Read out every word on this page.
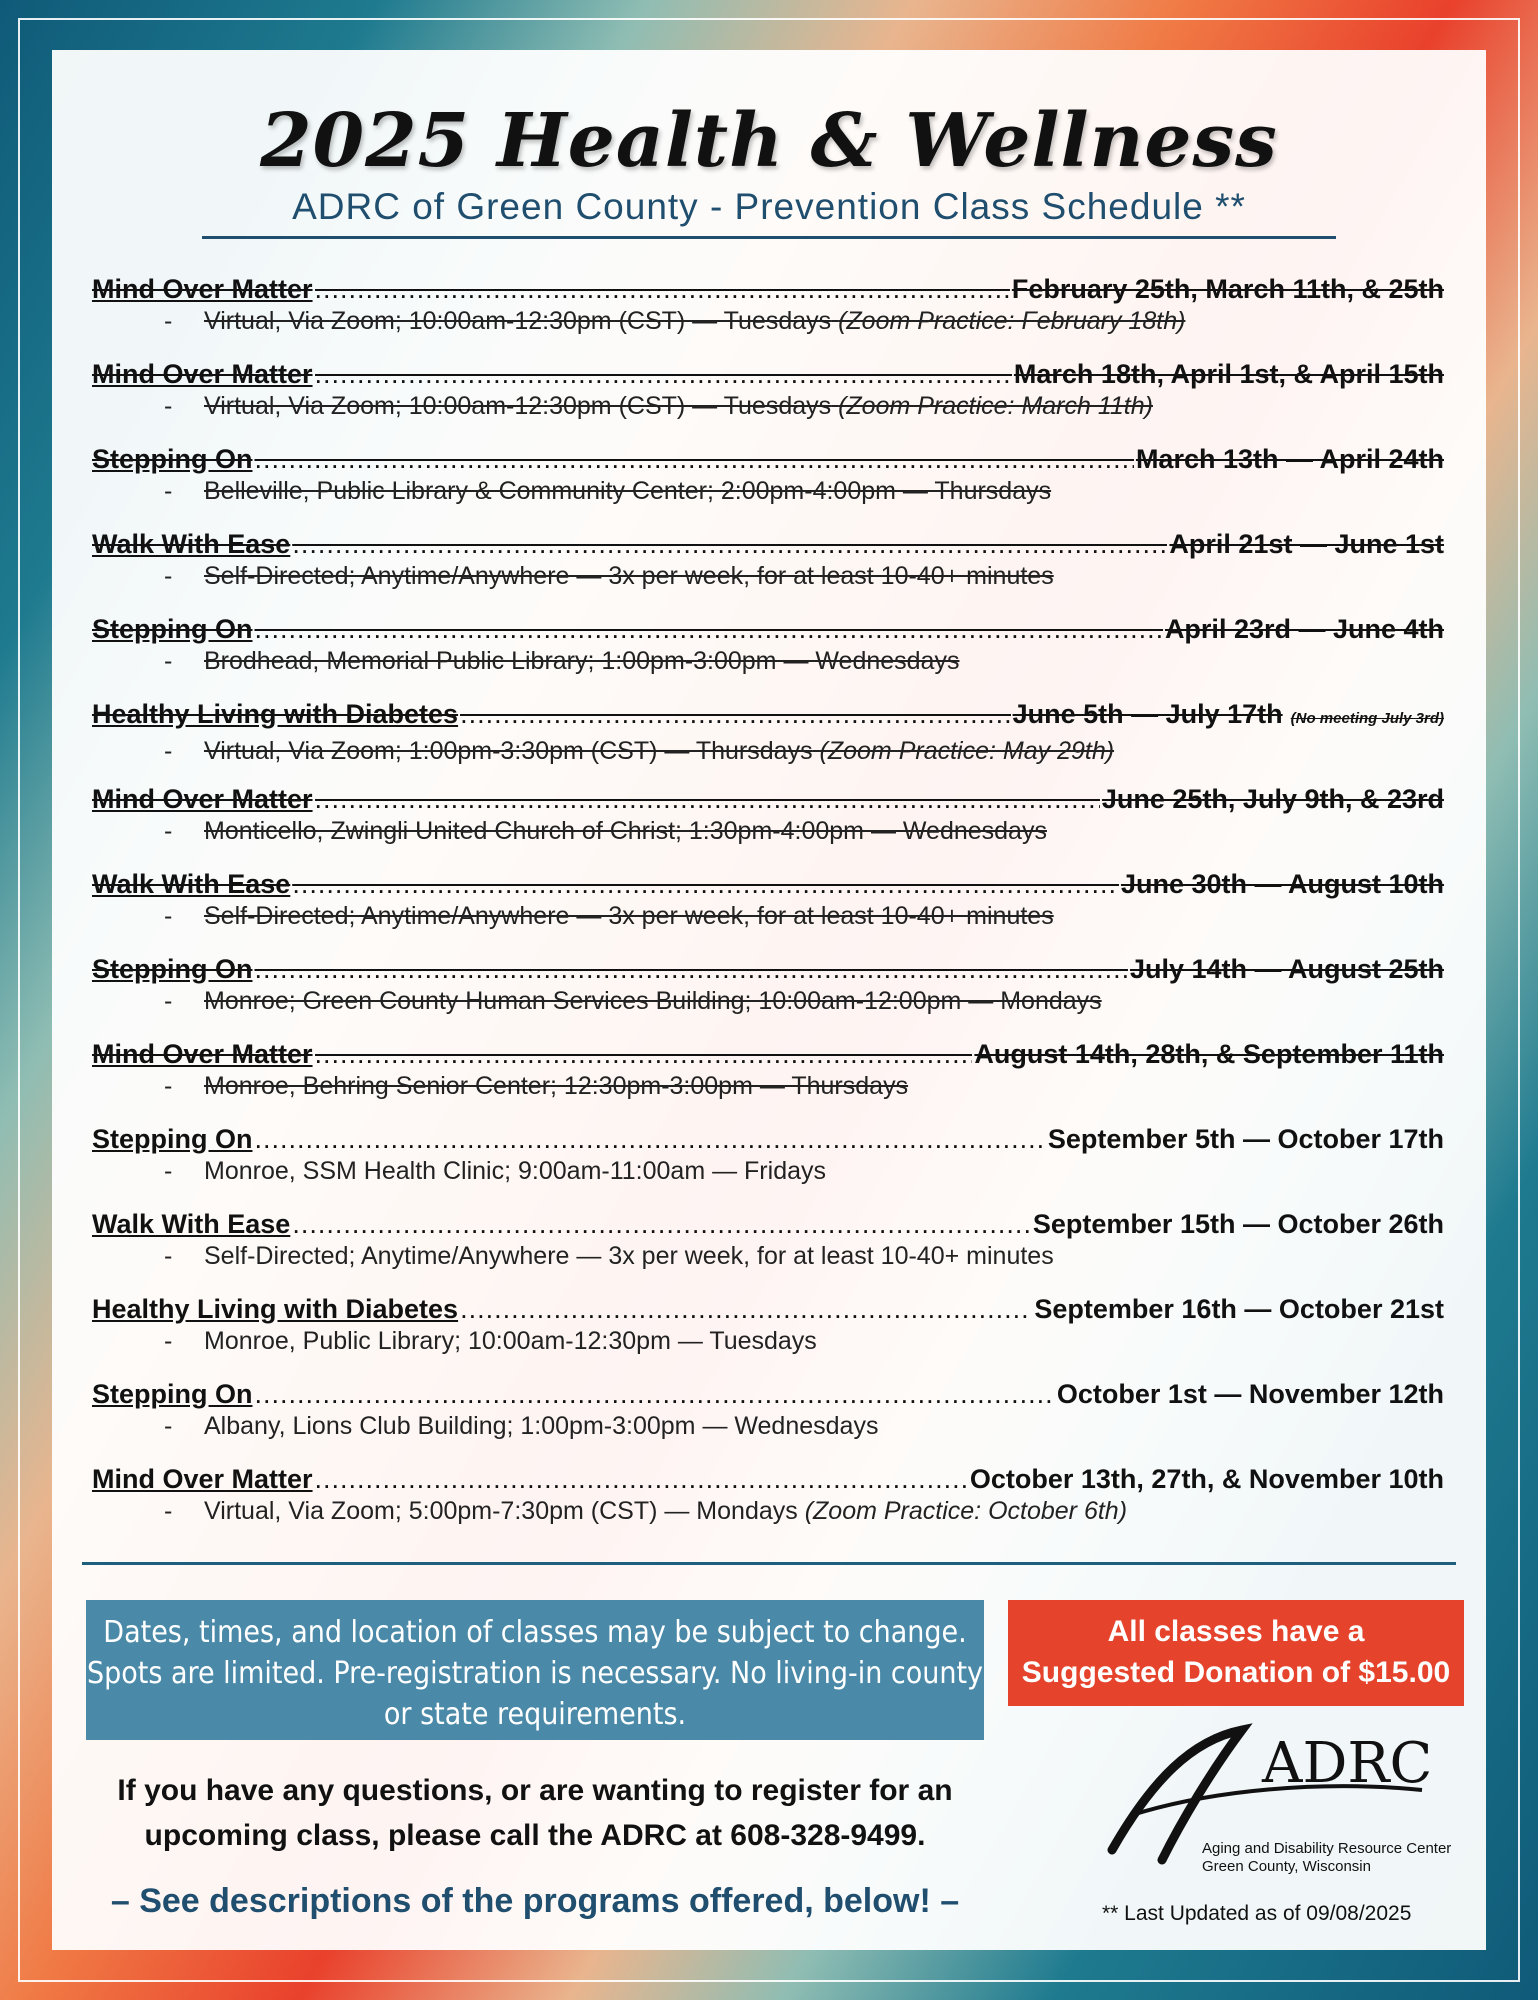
2025 Health & Wellness
ADRC of Green County - Prevention Class Schedule **
Mind Over Matter .....	February 25th, March 11th, & 25th
- Virtual, Via Zoom; 10:00am-12:30pm (CST) — Tuesdays (Zoom Practice: February 18th)
Mind Over Matter .....	March 18th, April 1st, & April 15th
- Virtual, Via Zoom; 10:00am-12:30pm (CST) — Tuesdays (Zoom Practice: March 11th)
Stepping On .....	March 13th — April 24th
- Belleville, Public Library & Community Center; 2:00pm-4:00pm — Thursdays
Walk With Ease .....	April 21st — June 1st
- Self-Directed; Anytime/Anywhere — 3x per week, for at least 10-40+ minutes
Stepping On .....	April 23rd — June 4th
- Brodhead, Memorial Public Library; 1:00pm-3:00pm — Wednesdays
Healthy Living with Diabetes .....	June 5th — July 17th (No meeting July 3rd)
- Virtual, Via Zoom; 1:00pm-3:30pm (CST) — Thursdays (Zoom Practice: May 29th)
Mind Over Matter .....	June 25th, July 9th, & 23rd
- Monticello, Zwingli United Church of Christ; 1:30pm-4:00pm — Wednesdays
Walk With Ease .....	June 30th — August 10th
- Self-Directed; Anytime/Anywhere — 3x per week, for at least 10-40+ minutes
Stepping On .....	July 14th — August 25th
- Monroe; Green County Human Services Building; 10:00am-12:00pm — Mondays
Mind Over Matter .....	August 14th, 28th, & September 11th
- Monroe, Behring Senior Center; 12:30pm-3:00pm — Thursdays
Stepping On .....	September 5th — October 17th
- Monroe, SSM Health Clinic; 9:00am-11:00am — Fridays
Walk With Ease .....	September 15th — October 26th
- Self-Directed; Anytime/Anywhere — 3x per week, for at least 10-40+ minutes
Healthy Living with Diabetes .....	September 16th — October 21st
- Monroe, Public Library; 10:00am-12:30pm — Tuesdays
Stepping On .....	October 1st — November 12th
- Albany, Lions Club Building; 1:00pm-3:00pm — Wednesdays
Mind Over Matter .....	October 13th, 27th, & November 10th
- Virtual, Via Zoom; 5:00pm-7:30pm (CST) — Mondays (Zoom Practice: October 6th)
Dates, times, and location of classes may be subject to change. Spots are limited. Pre-registration is necessary. No living-in county or state requirements.
All classes have a
Suggested Donation of $15.00
If you have any questions, or are wanting to register for an
upcoming class, please call the ADRC at 608-328-9499.
– See descriptions of the programs offered, below! –
ADRC
Aging and Disability Resource Center
Green County, Wisconsin
** Last Updated as of 09/08/2025
